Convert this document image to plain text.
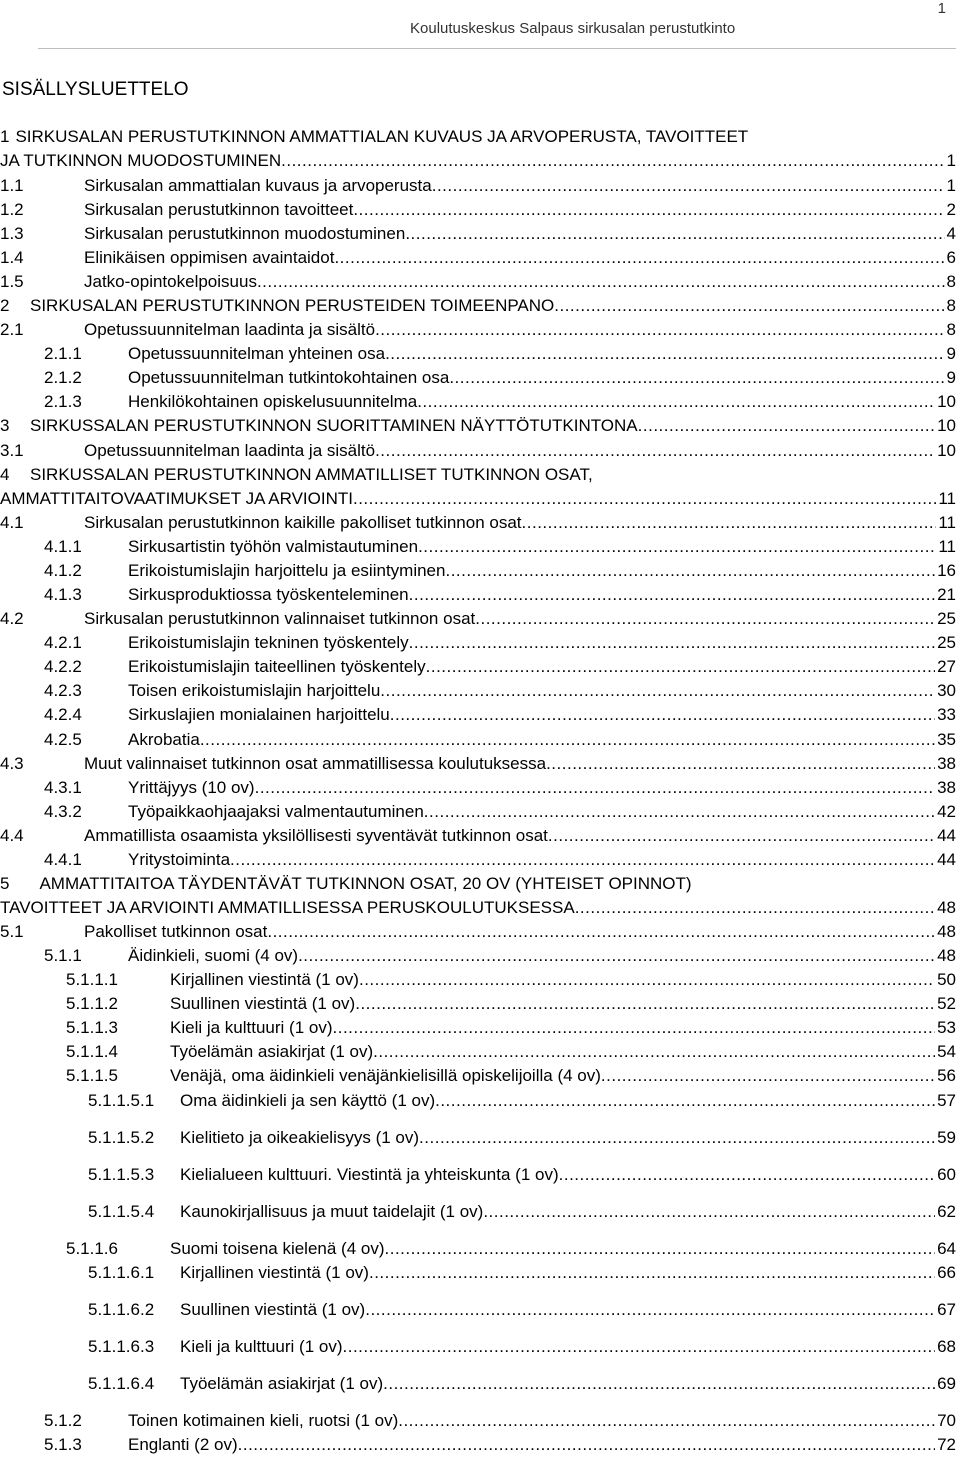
Koulutuskeskus Salpaus sirkusalan perustutkinto
1
SISÄLLYSLUETTELO
1 SIRKUSALAN PERUSTUTKINNON AMMATTIALAN KUVAUS JA ARVOPERUSTA, TAVOITTEET
JA TUTKINNON MUODOSTUMINEN .....	1
1.1	Sirkusalan ammattialan kuvaus ja arvoperusta .....	1
1.2	Sirkusalan perustutkinnon tavoitteet .....	2
1.3	Sirkusalan perustutkinnon muodostuminen .....	4
1.4	Elinikäisen oppimisen avaintaidot .....	6
1.5	Jatko-opintokelpoisuus .....	8
2	SIRKUSALAN PERUSTUTKINNON PERUSTEIDEN TOIMEENPANO .....	8
2.1	Opetussuunnitelman laadinta ja sisältö .....	8
2.1.1	Opetussuunnitelman yhteinen osa .....	9
2.1.2	Opetussuunnitelman tutkintokohtainen osa .....	9
2.1.3	Henkilökohtainen opiskelusuunnitelma .....	10
3	SIRKUSSALAN PERUSTUTKINNON SUORITTAMINEN NÄYTTÖTUTKINTONA .....	10
3.1	Opetussuunnitelman laadinta ja sisältö .....	10
4	SIRKUSSALAN PERUSTUTKINNON AMMATILLISET TUTKINNON OSAT,
AMMATTITAITOVAATIMUKSET JA ARVIOINTI .....	11
4.1	Sirkusalan perustutkinnon kaikille pakolliset tutkinnon osat .....	11
4.1.1	Sirkusartistin työhön valmistautuminen .....	11
4.1.2	Erikoistumislajin harjoittelu ja esiintyminen .....	16
4.1.3	Sirkusproduktiossa työskenteleminen .....	21
4.2	Sirkusalan perustutkinnon valinnaiset tutkinnon osat .....	25
4.2.1	Erikoistumislajin tekninen työskentely .....	25
4.2.2	Erikoistumislajin taiteellinen työskentely .....	27
4.2.3	Toisen erikoistumislajin harjoittelu .....	30
4.2.4	Sirkuslajien monialainen harjoittelu .....	33
4.2.5	Akrobatia .....	35
4.3	Muut valinnaiset tutkinnon osat ammatillisessa koulutuksessa .....	38
4.3.1	Yrittäjyys (10 ov) .....	38
4.3.2	Työpaikkaohjaajaksi valmentautuminen .....	42
4.4	Ammatillista osaamista yksilöllisesti syventävät tutkinnon osat .....	44
4.4.1	Yritystoiminta .....	44
5 AMMATTITAITOA TÄYDENTÄVÄT TUTKINNON OSAT, 20 OV (YHTEISET OPINNOT)
TAVOITTEET JA ARVIOINTI AMMATILLISESSA PERUSKOULUTUKSESSA .....	48
5.1	Pakolliset tutkinnon osat .....	48
5.1.1	Äidinkieli, suomi (4 ov) .....	48
5.1.1.1	Kirjallinen viestintä (1 ov) .....	50
5.1.1.2	Suullinen viestintä (1 ov) .....	52
5.1.1.3	Kieli ja kulttuuri (1 ov) .....	53
5.1.1.4	Työelämän asiakirjat (1 ov) .....	54
5.1.1.5	Venäjä, oma äidinkieli venäjänkielisillä opiskelijoilla (4 ov) .....	56
5.1.1.5.1	Oma äidinkieli ja sen käyttö (1 ov) .....	57
5.1.1.5.2	Kielitieto ja oikeakielisyys (1 ov) .....	59
5.1.1.5.3	Kielialueen kulttuuri. Viestintä ja yhteiskunta (1 ov) .....	60
5.1.1.5.4	Kaunokirjallisuus ja muut taidelajit (1 ov) .....	62
5.1.1.6	Suomi toisena kielenä (4 ov) .....	64
5.1.1.6.1	Kirjallinen viestintä (1 ov) .....	66
5.1.1.6.2	Suullinen viestintä (1 ov) .....	67
5.1.1.6.3	Kieli ja kulttuuri (1 ov) .....	68
5.1.1.6.4	Työelämän asiakirjat (1 ov) .....	69
5.1.2	Toinen kotimainen kieli, ruotsi (1 ov) .....	70
5.1.3	Englanti (2 ov) .....	72
